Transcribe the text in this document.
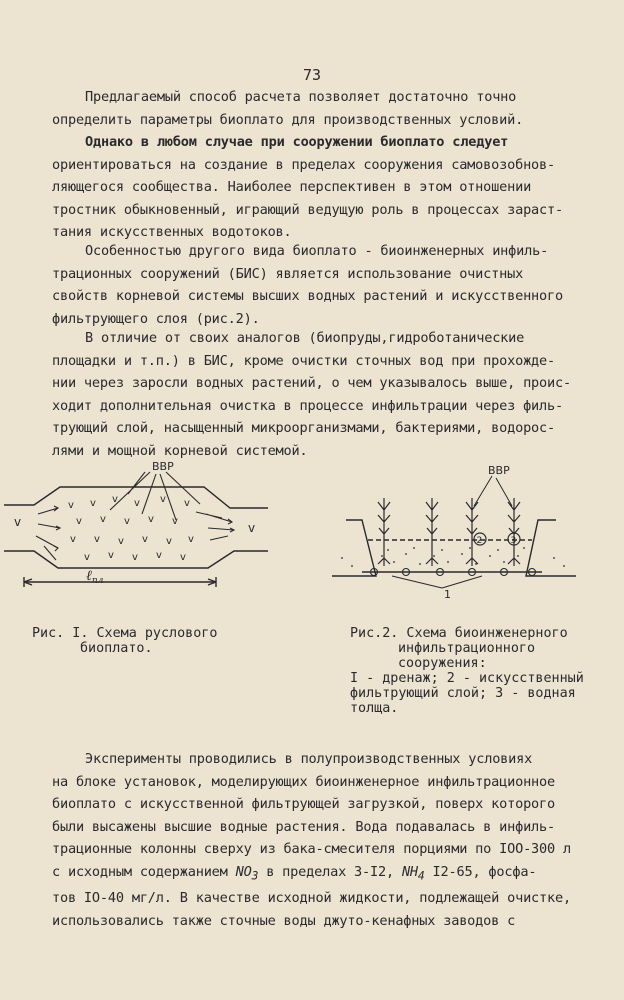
73
Предлагаемый способ расчета позволяет достаточно точно
определить параметры биоплато для производственных условий.
Однако в любом случае при сооружении биоплато следует
ориентироваться на создание в пределах сооружения самовозобнов-
ляющегося сообщества. Наиболее перспективен в этом отношении
тростник обыкновенный, играющий ведущую роль в процессах зараст-
тания искусственных водотоков.
Особенностью другого вида биоплато - биоинженерных инфиль-
трационных сооружений (БИС) является использование очистных
свойств корневой системы высших водных растений и искусственного
фильтрующего слоя (рис.2).
В отличие от своих аналогов (биопруды,гидроботанические
площадки и т.п.) в БИС, кроме очистки сточных вод при прохожде-
нии через заросли водных растений, о чем указывалось выше, проис-
ходит дополнительная очистка в процессе инфильтрации через филь-
трующий слой, насыщенный микроорганизмами, бактериями, водорос-
лями и мощной корневой системой.
v	v
v v v v v v
v v v v v
v v v v v v
v v v v v
ВВР
ℓ$_{пл}$
Рис. I. Схема руслового
биоплато.
ВВР
1
2	3
Рис.2. Схема биоинженерного
инфильтрационного
сооружения:
I - дренаж; 2 - искусственный
фильтрующий слой; 3 - водная
толща.
Эксперименты проводились в полупроизводственных условиях
на блоке установок, моделирующих биоинженерное инфильтрационное
биоплато с искусственной фильтрующей загрузкой, поверх которого
были высажены высшие водные растения. Вода подавалась в инфиль-
трационные колонны сверху из бака-смесителя порциями по IOO-300 л
с исходным содержанием $NO_3$ в пределах 3-I2, $NH_4$ I2-65, фосфа-
тов IO-40 мг/л. В качестве исходной жидкости, подлежащей очистке,
использовались также сточные воды джуто-кенафных заводов с
